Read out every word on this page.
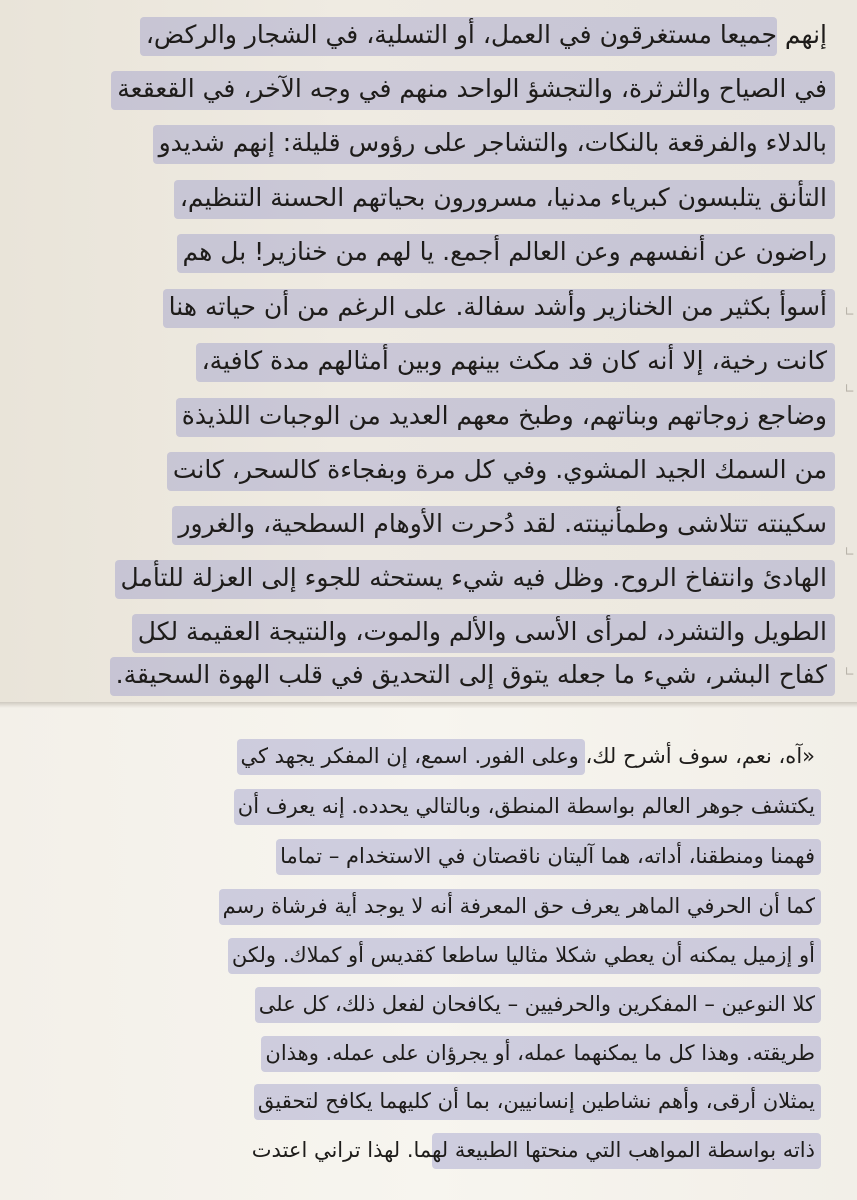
∟
∟
∟
∟
إنهم جميعا مستغرقون في العمل، أو التسلية، في الشجار والركض،
في الصياح والثرثرة، والتجشؤ الواحد منهم في وجه الآخر، في القعقعة
بالدلاء والفرقعة بالنكات، والتشاجر على رؤوس قليلة: إنهم شديدو
التأنق يتلبسون كبرياء مدنيا، مسرورون بحياتهم الحسنة التنظيم،
راضون عن أنفسهم وعن العالم أجمع. يا لهم من خنازير! بل هم
أسوأ بكثير من الخنازير وأشد سفالة. على الرغم من أن حياته هنا
كانت رخية، إلا أنه كان قد مكث بينهم وبين أمثالهم مدة كافية،
وضاجع زوجاتهم وبناتهم، وطبخ معهم العديد من الوجبات اللذيذة
من السمك الجيد المشوي. وفي كل مرة وبفجاءة كالسحر، كانت
سكينته تتلاشى وطمأنينته. لقد دُحرت الأوهام السطحية، والغرور
الهادئ وانتفاخ الروح. وظل فيه شيء يستحثه للجوء إلى العزلة للتأمل
الطويل والتشرد، لمرأى الأسى والألم والموت، والنتيجة العقيمة لكل
كفاح البشر، شيء ما جعله يتوق إلى التحديق في قلب الهوة السحيقة.
«آه، نعم، سوف أشرح لك، وعلى الفور. اسمع، إن المفكر يجهد كي
يكتشف جوهر العالم بواسطة المنطق، وبالتالي يحدده. إنه يعرف أن
فهمنا ومنطقنا، أداته، هما آليتان ناقصتان في الاستخدام – تماما
كما أن الحرفي الماهر يعرف حق المعرفة أنه لا يوجد أية فرشاة رسم
أو إزميل يمكنه أن يعطي شكلا مثاليا ساطعا كقديس أو كملاك. ولكن
كلا النوعين – المفكرين والحرفيين – يكافحان لفعل ذلك، كل على
طريقته. وهذا كل ما يمكنهما عمله، أو يجرؤان على عمله. وهذان
يمثلان أرقى، وأهم نشاطين إنسانيين، بما أن كليهما يكافح لتحقيق
ذاته بواسطة المواهب التي منحتها الطبيعة لهما. لهذا تراني اعتدت
